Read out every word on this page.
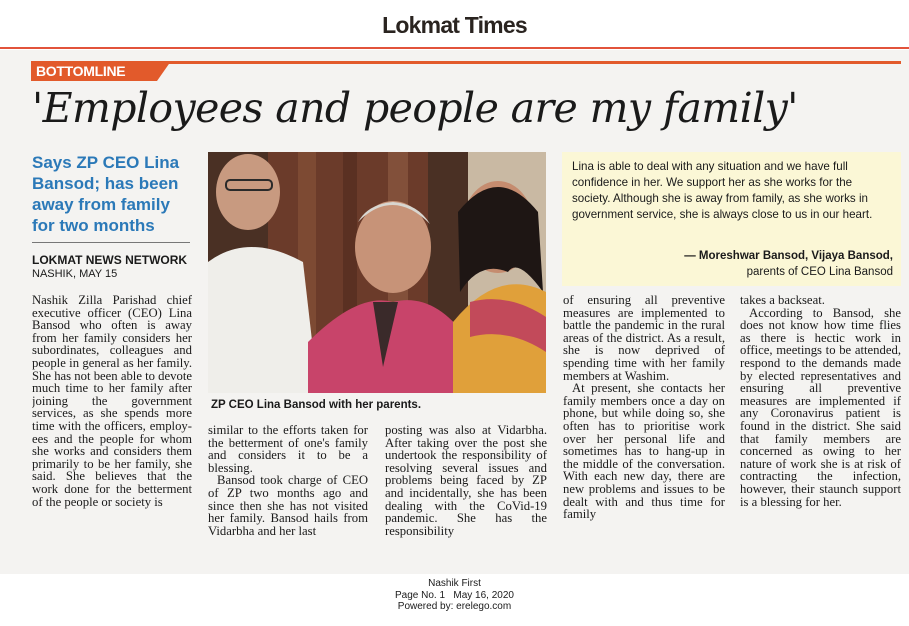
Lokmat Times
BOTTOMLINE
'Employees and people are my family'
Says ZP CEO Lina Bansod; has been away from family for two months
LOKMAT NEWS NETWORK
NASHIK, MAY 15
ZP CEO Lina Bansod with her parents.

Lina is able to deal with any situation and we have full confidence in her. We support her as she works for the society. Although she is away from family, as she works in government service, she is always close to us in our heart.

— Moreshwar Bansod, Vijaya Bansod,
parents of CEO Lina Bansod

Nashik Zilla Parishad chief executive officer (CEO) Lina Bansod who often is away from her family considers her subordinates, colleagues and people in general as her family. She has not been able to devote much time to her family after joining the government services, as she spends more time with the officers, employees and the people for whom she works and considers them primarily to be her family, she said. She believes that the work done for the betterment of the people or society is

similar to the efforts taken for the betterment of one's family and considers it to be a blessing.

Bansod took charge of CEO of ZP two months ago and since then she has not visited her family. Bansod hails from Vidarbha and her last

posting was also at Vidarbha. After taking over the post she undertook the responsibility of resolving several issues and problems being faced by ZP and incidentally, she has been dealing with the CoVid-19 pandemic. She has the responsibility

of ensuring all preventive measures are implemented to battle the pandemic in the rural areas of the district. As a result, she is now deprived of spending time with her family members at Washim.

At present, she contacts her family members once a day on phone, but while doing so, she often has to prioritise work over her personal life and sometimes has to hang-up in the middle of the conversation. With each new day, there are new problems and issues to be dealt with and thus time for family

takes a backseat.

According to Bansod, she does not know how time flies as there is hectic work in office, meetings to be attended, respond to the demands made by elected representatives and ensuring all preventive measures are implemented if any Coronavirus patient is found in the district. She said that family members are concerned as owing to her nature of work she is at risk of contracting the infection, however, their staunch support is a blessing for her.

Nashik First
Page No. 1   May 16, 2020
Powered by: erelego.com
